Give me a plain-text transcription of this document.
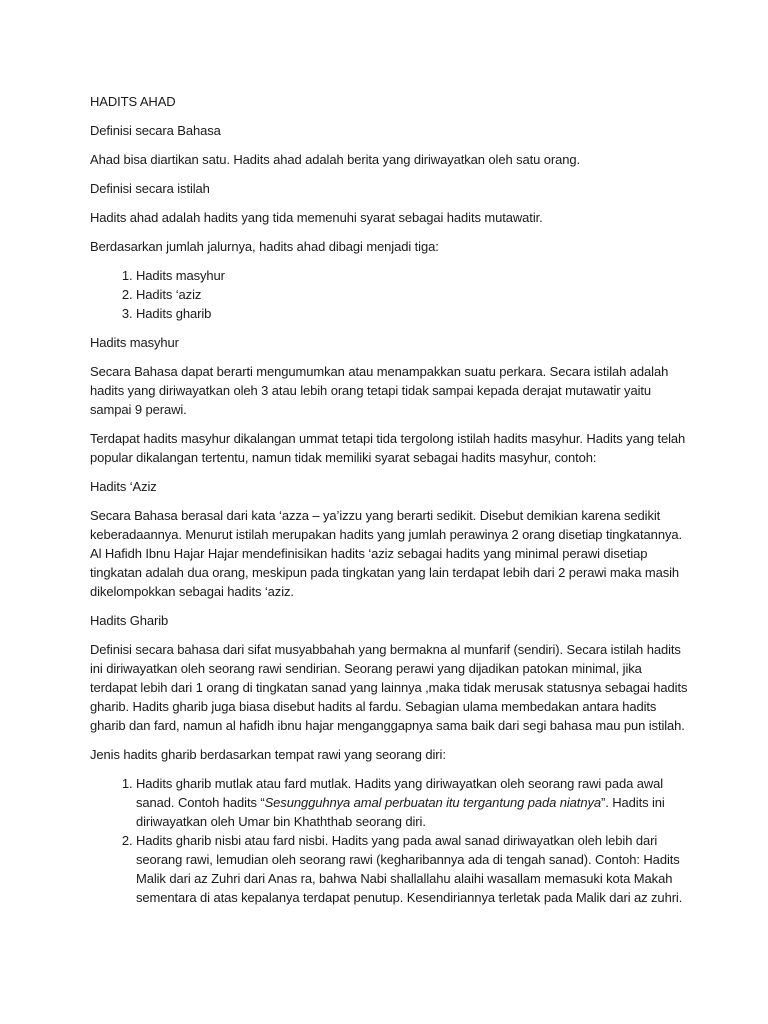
HADITS AHAD

Definisi secara Bahasa

Ahad bisa diartikan satu. Hadits ahad adalah berita yang diriwayatkan oleh satu orang.

Definisi secara istilah

Hadits ahad adalah hadits yang tida memenuhi syarat sebagai hadits mutawatir.

Berdasarkan jumlah jalurnya, hadits ahad dibagi menjadi tiga:

1. Hadits masyhur
2. Hadits ‘aziz
3. Hadits gharib

Hadits masyhur

Secara Bahasa dapat berarti mengumumkan atau menampakkan suatu perkara. Secara istilah adalah hadits yang diriwayatkan oleh 3 atau lebih orang tetapi tidak sampai kepada derajat mutawatir yaitu sampai 9 perawi.

Terdapat hadits masyhur dikalangan ummat tetapi tida tergolong istilah hadits masyhur. Hadits yang telah popular dikalangan tertentu, namun tidak memiliki syarat sebagai hadits masyhur, contoh:

Hadits ‘Aziz

Secara Bahasa berasal dari kata ‘azza – ya’izzu yang berarti sedikit. Disebut demikian karena sedikit keberadaannya. Menurut istilah merupakan hadits yang jumlah perawinya 2 orang disetiap tingkatannya. Al Hafidh Ibnu Hajar Hajar mendefinisikan hadits ‘aziz sebagai hadits yang minimal perawi disetiap tingkatan adalah dua orang, meskipun pada tingkatan yang lain terdapat lebih dari 2 perawi maka masih dikelompokkan sebagai hadits ‘aziz.

Hadits Gharib

Definisi secara bahasa dari sifat musyabbahah yang bermakna al munfarif (sendiri). Secara istilah hadits ini diriwayatkan oleh seorang rawi sendirian. Seorang perawi yang dijadikan patokan minimal, jika terdapat lebih dari 1 orang di tingkatan sanad yang lainnya ,maka tidak merusak statusnya sebagai hadits gharib. Hadits gharib juga biasa disebut hadits al fardu. Sebagian ulama membedakan antara hadits gharib dan fard, namun al hafidh ibnu hajar menganggapnya sama baik dari segi bahasa mau pun istilah.

Jenis hadits gharib berdasarkan tempat rawi yang seorang diri:

1. Hadits gharib mutlak atau fard mutlak. Hadits yang diriwayatkan oleh seorang rawi pada awal sanad. Contoh hadits “Sesungguhnya amal perbuatan itu tergantung pada niatnya”. Hadits ini diriwayatkan oleh Umar bin Khaththab seorang diri.
2. Hadits gharib nisbi atau fard nisbi. Hadits yang pada awal sanad diriwayatkan oleh lebih dari seorang rawi, lemudian oleh seorang rawi (kegharibannya ada di tengah sanad). Contoh: Hadits Malik dari az Zuhri dari Anas ra, bahwa Nabi shallallahu alaihi wasallam memasuki kota Makah sementara di atas kepalanya terdapat penutup. Kesendiriannya terletak pada Malik dari az zuhri.
